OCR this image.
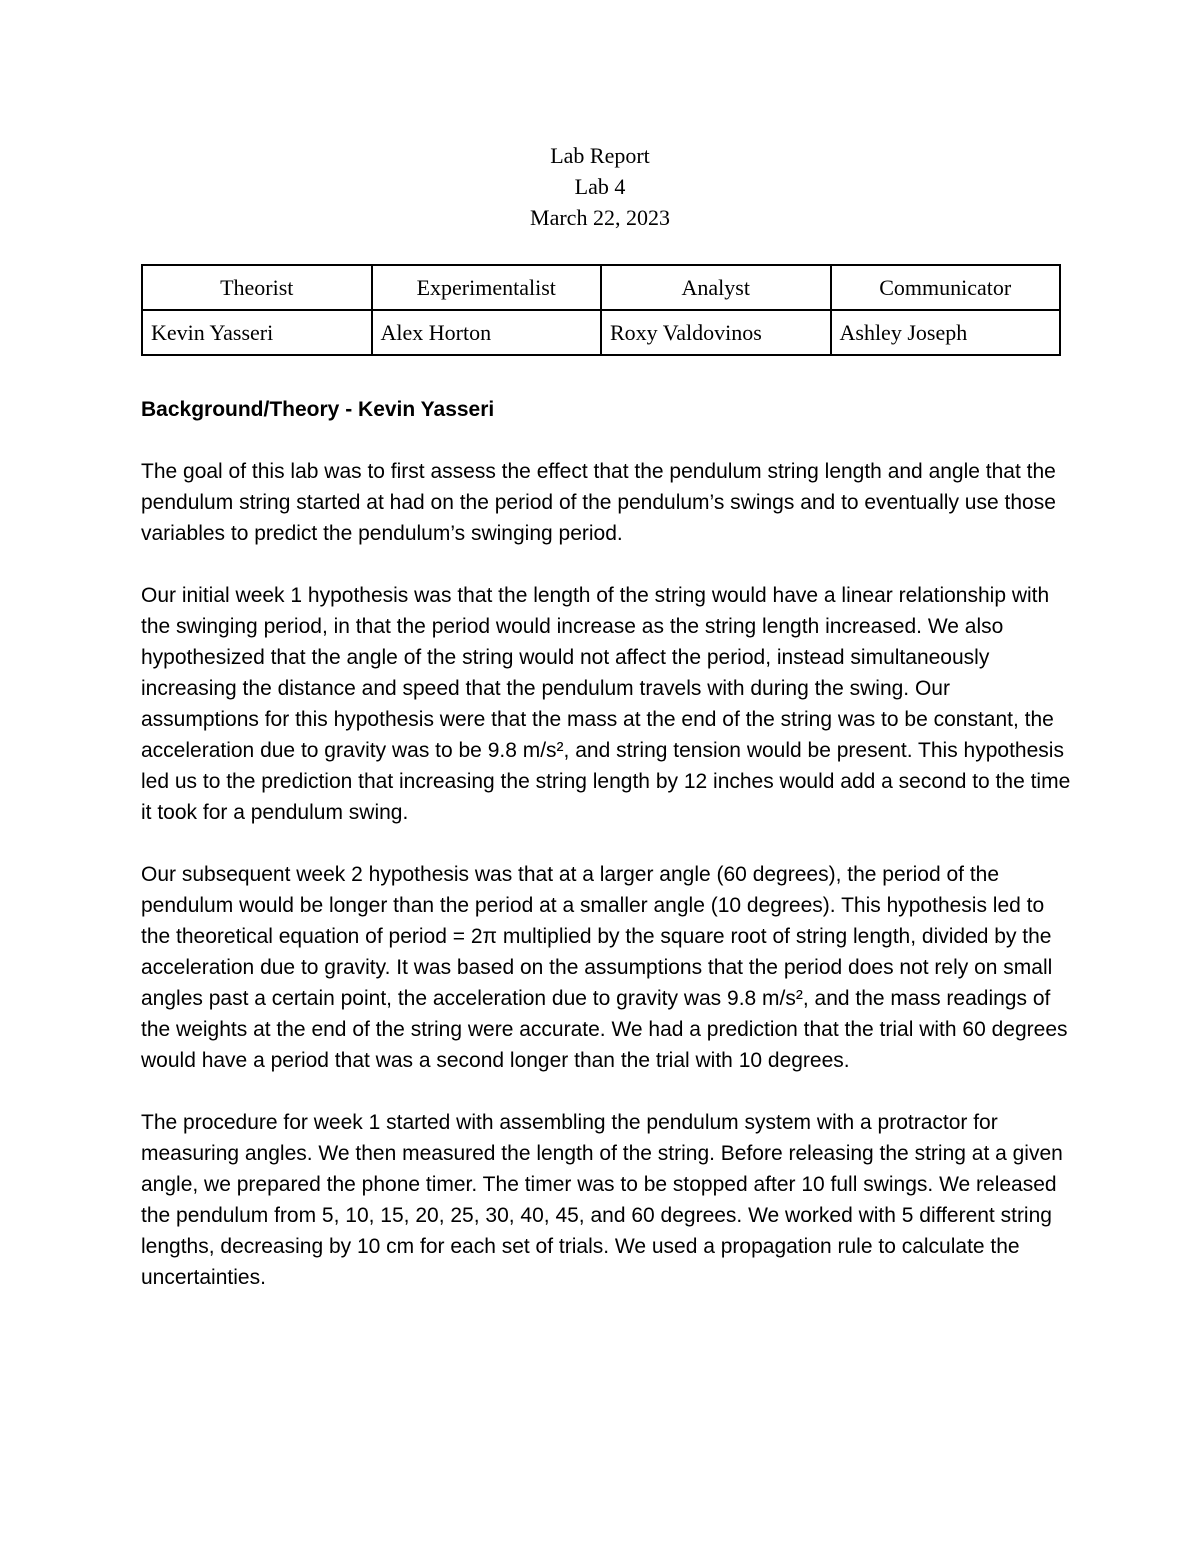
Lab Report
Lab 4
March 22, 2023
Theorist	Experimentalist	Analyst	Communicator
Kevin Yasseri	Alex Horton	Roxy Valdovinos	Ashley Joseph
Background/Theory - Kevin Yasseri
The goal of this lab was to first assess the effect that the pendulum string length and angle that the pendulum string started at had on the period of the pendulum’s swings and to eventually use those variables to predict the pendulum’s swinging period.
Our initial week 1 hypothesis was that the length of the string would have a linear relationship with the swinging period, in that the period would increase as the string length increased. We also hypothesized that the angle of the string would not affect the period, instead simultaneously increasing the distance and speed that the pendulum travels with during the swing. Our assumptions for this hypothesis were that the mass at the end of the string was to be constant, the acceleration due to gravity was to be 9.8 m/s², and string tension would be present. This hypothesis led us to the prediction that increasing the string length by 12 inches would add a second to the time it took for a pendulum swing.
Our subsequent week 2 hypothesis was that at a larger angle (60 degrees), the period of the pendulum would be longer than the period at a smaller angle (10 degrees). This hypothesis led to the theoretical equation of period = 2π multiplied by the square root of string length, divided by the acceleration due to gravity. It was based on the assumptions that the period does not rely on small angles past a certain point, the acceleration due to gravity was 9.8 m/s², and the mass readings of the weights at the end of the string were accurate. We had a prediction that the trial with 60 degrees would have a period that was a second longer than the trial with 10 degrees.
The procedure for week 1 started with assembling the pendulum system with a protractor for measuring angles. We then measured the length of the string. Before releasing the string at a given angle, we prepared the phone timer. The timer was to be stopped after 10 full swings. We released the pendulum from 5, 10, 15, 20, 25, 30, 40, 45, and 60 degrees. We worked with 5 different string lengths, decreasing by 10 cm for each set of trials. We used a propagation rule to calculate the uncertainties.
